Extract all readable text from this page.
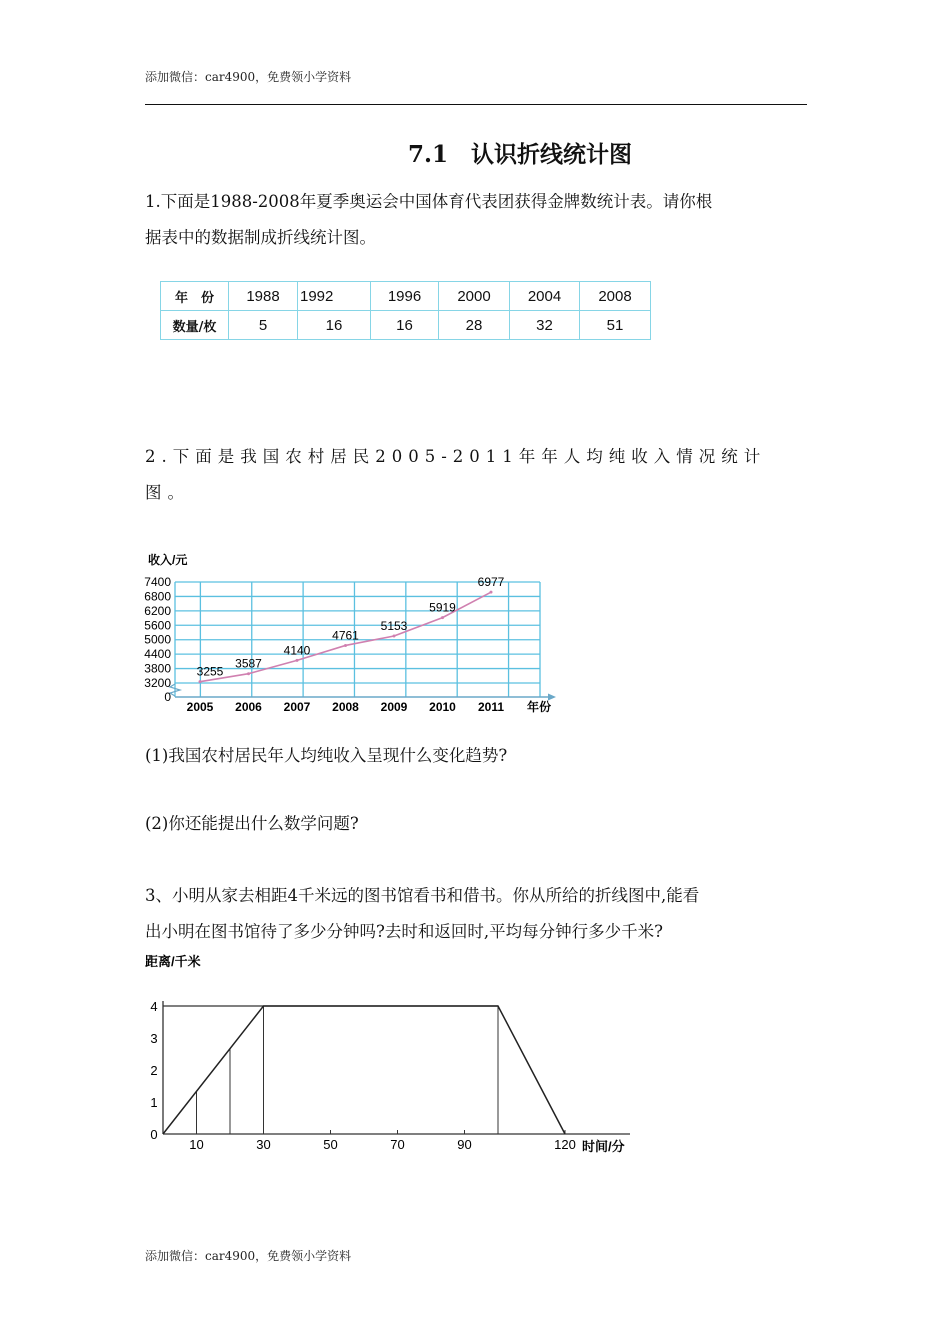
添加微信：car4900，免费领小学资料
7.1　认识折线统计图
1.下面是1988-2008年夏季奥运会中国体育代表团获得金牌数统计表。请你根
据表中的数据制成折线统计图。
年　份	1988	1992	1996	2000	2004	2008
数量/枚	5	16	16	28	32	51
2.下面是我国农村居民2005-2011年年人均纯收入情况统计图。
0
3200
3800
4400
5000
5600
6200
6800
7400
收入/元
年份
2005 2006 2007 2008 2009 2010 2011
3255
3587
4140
4761
5153
5919
6977
(1)我国农村居民年人均纯收入呈现什么变化趋势?
(2)你还能提出什么数学问题?
3、小明从家去相距4千米远的图书馆看书和借书。你从所给的折线图中,能看
出小明在图书馆待了多少分钟吗?去时和返回时,平均每分钟行多少千米?
10	30	50	70	90	120
0
1
2
3
4
距离/千米
时间/分
添加微信：car4900，免费领小学资料
